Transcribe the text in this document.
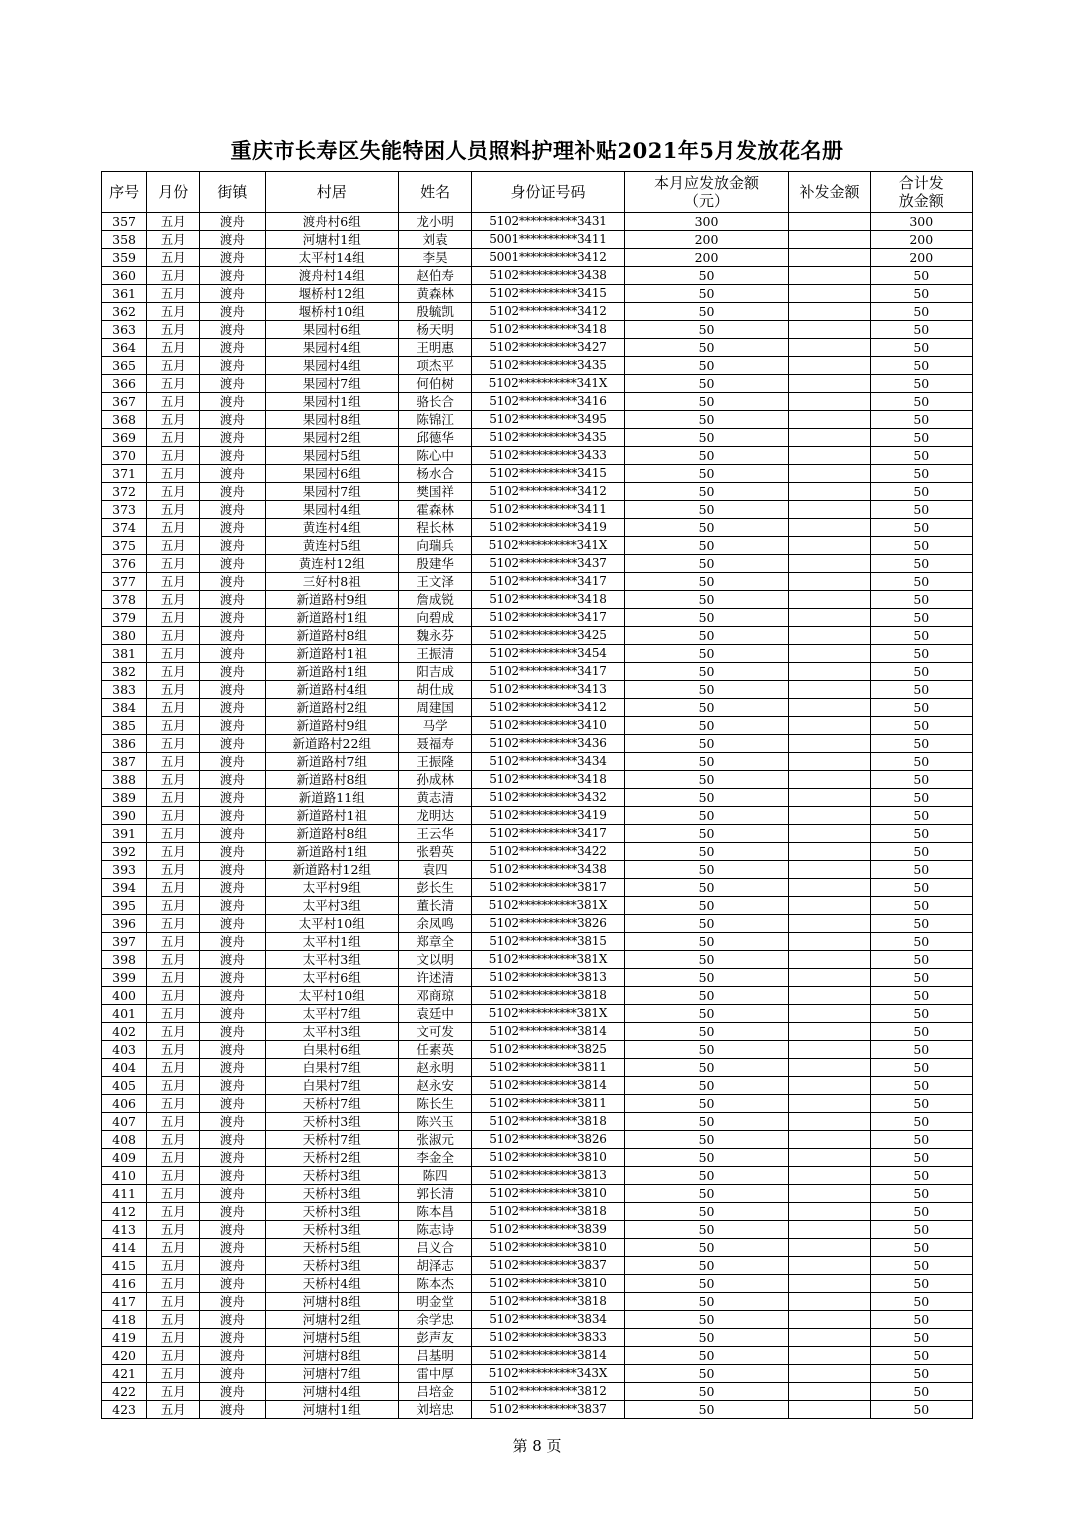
重庆市长寿区失能特困人员照料护理补贴2021年5月发放花名册
序号	月份	街镇	村居	姓名	身份证号码	本月应发放金额（元）	补发金额	合计发放金额
357	五月	渡舟	渡舟村6组	龙小明	5102**********3431	300		300
358	五月	渡舟	河塘村1组	刘袁	5001**********3411	200		200
359	五月	渡舟	太平村14组	李昊	5001**********3412	200		200
360	五月	渡舟	渡舟村14组	赵伯寿	5102**********3438	50		50
361	五月	渡舟	堰桥村12组	黄森林	5102**********3415	50		50
362	五月	渡舟	堰桥村10组	殷毓凯	5102**********3412	50		50
363	五月	渡舟	果园村6组	杨天明	5102**********3418	50		50
364	五月	渡舟	果园村4组	王明惠	5102**********3427	50		50
365	五月	渡舟	果园村4组	项杰平	5102**********3435	50		50
366	五月	渡舟	果园村7组	何伯树	5102**********341X	50		50
367	五月	渡舟	果园村1组	骆长合	5102**********3416	50		50
368	五月	渡舟	果园村8组	陈锦江	5102**********3495	50		50
369	五月	渡舟	果园村2组	邱德华	5102**********3435	50		50
370	五月	渡舟	果园村5组	陈心中	5102**********3433	50		50
371	五月	渡舟	果园村6组	杨水合	5102**********3415	50		50
372	五月	渡舟	果园村7组	樊国祥	5102**********3412	50		50
373	五月	渡舟	果园村4组	霍森林	5102**********3411	50		50
374	五月	渡舟	黄连村4组	程长林	5102**********3419	50		50
375	五月	渡舟	黄连村5组	向瑞兵	5102**********341X	50		50
376	五月	渡舟	黄连村12组	殷建华	5102**********3437	50		50
377	五月	渡舟	三好村8祖	王文泽	5102**********3417	50		50
378	五月	渡舟	新道路村9组	詹成锐	5102**********3418	50		50
379	五月	渡舟	新道路村1组	向碧成	5102**********3417	50		50
380	五月	渡舟	新道路村8组	魏永芬	5102**********3425	50		50
381	五月	渡舟	新道路村1祖	王振清	5102**********3454	50		50
382	五月	渡舟	新道路村1组	阳吉成	5102**********3417	50		50
383	五月	渡舟	新道路村4组	胡仕成	5102**********3413	50		50
384	五月	渡舟	新道路村2组	周建国	5102**********3412	50		50
385	五月	渡舟	新道路村9组	马学	5102**********3410	50		50
386	五月	渡舟	新道路村22组	聂福寿	5102**********3436	50		50
387	五月	渡舟	新道路村7组	王振隆	5102**********3434	50		50
388	五月	渡舟	新道路村8组	孙成林	5102**********3418	50		50
389	五月	渡舟	新道路11组	黄志清	5102**********3432	50		50
390	五月	渡舟	新道路村1祖	龙明达	5102**********3419	50		50
391	五月	渡舟	新道路村8组	王云华	5102**********3417	50		50
392	五月	渡舟	新道路村1组	张碧英	5102**********3422	50		50
393	五月	渡舟	新道路村12组	袁四	5102**********3438	50		50
394	五月	渡舟	太平村9组	彭长生	5102**********3817	50		50
395	五月	渡舟	太平村3组	董长清	5102**********381X	50		50
396	五月	渡舟	太平村10组	余凤鸣	5102**********3826	50		50
397	五月	渡舟	太平村1组	郑章全	5102**********3815	50		50
398	五月	渡舟	太平村3组	文以明	5102**********381X	50		50
399	五月	渡舟	太平村6组	许述清	5102**********3813	50		50
400	五月	渡舟	太平村10组	邓商琼	5102**********3818	50		50
401	五月	渡舟	太平村7组	袁廷中	5102**********381X	50		50
402	五月	渡舟	太平村3组	文可发	5102**********3814	50		50
403	五月	渡舟	白果村6组	任素英	5102**********3825	50		50
404	五月	渡舟	白果村7组	赵永明	5102**********3811	50		50
405	五月	渡舟	白果村7组	赵永安	5102**********3814	50		50
406	五月	渡舟	天桥村7组	陈长生	5102**********3811	50		50
407	五月	渡舟	天桥村3组	陈兴玉	5102**********3818	50		50
408	五月	渡舟	天桥村7组	张淑元	5102**********3826	50		50
409	五月	渡舟	天桥村2组	李金全	5102**********3810	50		50
410	五月	渡舟	天桥村3组	陈四	5102**********3813	50		50
411	五月	渡舟	天桥村3组	郭长清	5102**********3810	50		50
412	五月	渡舟	天桥村3组	陈本昌	5102**********3818	50		50
413	五月	渡舟	天桥村3组	陈志诗	5102**********3839	50		50
414	五月	渡舟	天桥村5组	吕义合	5102**********3810	50		50
415	五月	渡舟	天桥村3组	胡泽志	5102**********3837	50		50
416	五月	渡舟	天桥村4组	陈本杰	5102**********3810	50		50
417	五月	渡舟	河塘村8组	明金堂	5102**********3818	50		50
418	五月	渡舟	河塘村2组	余学忠	5102**********3834	50		50
419	五月	渡舟	河塘村5组	彭声友	5102**********3833	50		50
420	五月	渡舟	河塘村8组	吕基明	5102**********3814	50		50
421	五月	渡舟	河塘村7组	雷中厚	5102**********343X	50		50
422	五月	渡舟	河塘村4组	吕培金	5102**********3812	50		50
423	五月	渡舟	河塘村1组	刘培忠	5102**********3837	50		50
第 8 页
